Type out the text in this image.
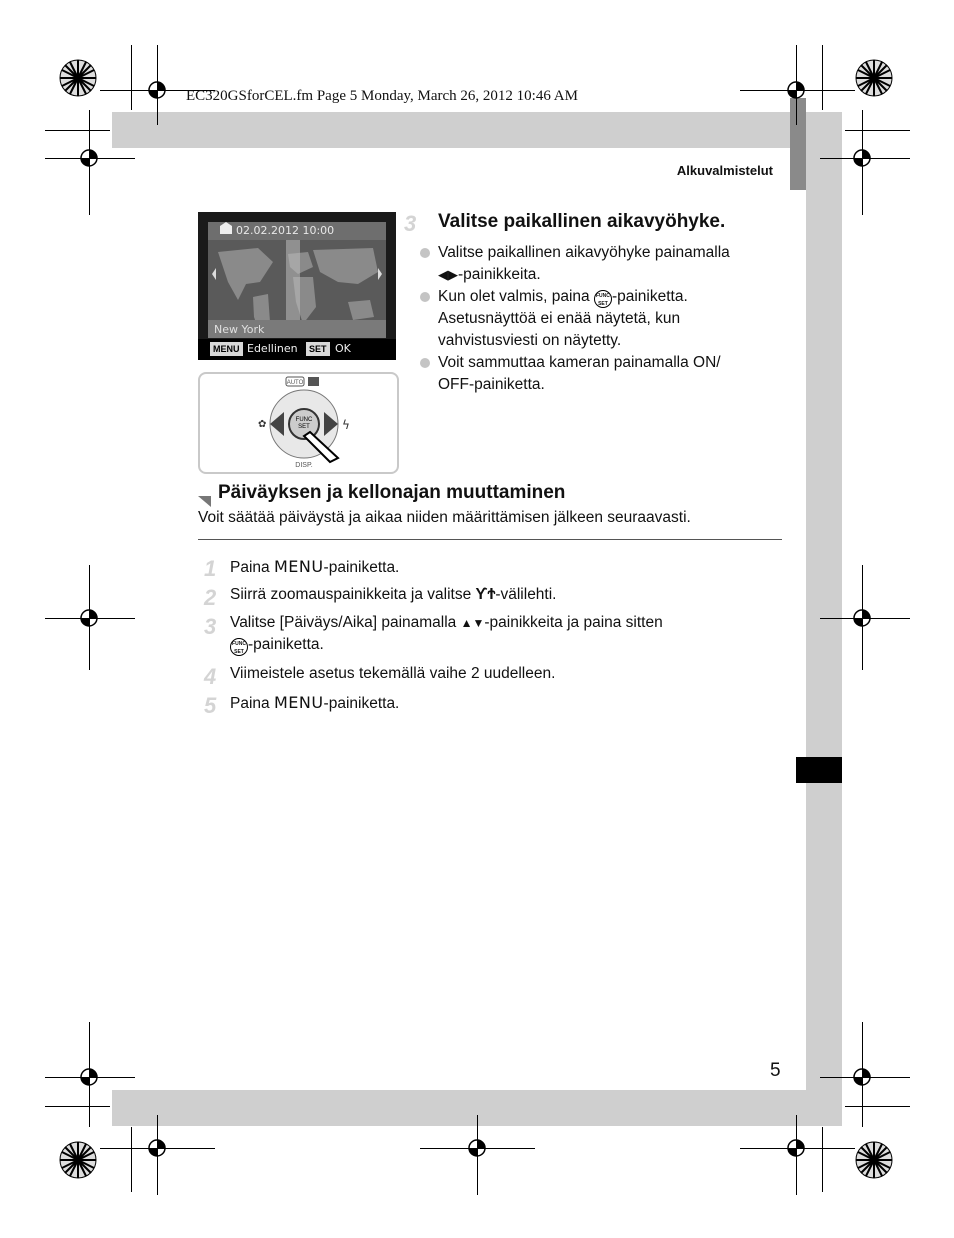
EC320GSforCEL.fm Page 5 Monday, March 26, 2012 10:46 AM
Alkuvalmistelut
02.02.2012 10:00
New York
MENU Edellinen	SET OK
AUTO
FUNC
SET
✿	ϟ
DISP.
3 Valitse paikallinen aikavyöhyke.
Valitse paikallinen aikavyöhyke painamalla
◀▶-painikkeita.
Kun olet valmis, paina FUNC
SET -painiketta.
Asetusnäyttöä ei enää näytetä, kun
vahvistusviesti on näytetty.
Voit sammuttaa kameran painamalla ON/
OFF-painiketta.
Päiväyksen ja kellonajan muuttaminen
Voit säätää päiväystä ja aikaa niiden määrittämisen jälkeen seuraavasti.
1 Paina MENU-painiketta.
2 Siirrä zoomauspainikkeita ja valitse ϒϮ-välilehti.
3 Valitse [Päiväys/Aika] painamalla ▲▼-painikkeita ja paina sitten
FUNC
SET -painiketta.
4 Viimeistele asetus tekemällä vaihe 2 uudelleen.
5 Paina MENU-painiketta.
5
